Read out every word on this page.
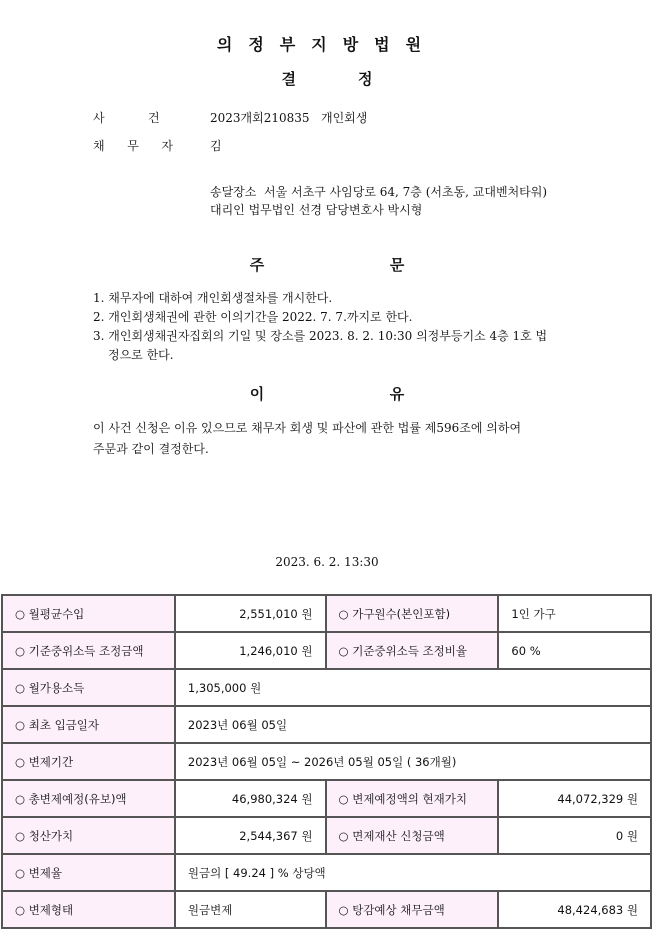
의정부지방법원
결정
사	건	2023개회210835   개인회생
채 무 자	김
송달장소  서울 서초구 사임당로 64, 7층 (서초동, 교대벤처타워)
대리인 법무법인 선경 담당변호사 박시형
주	문
1. 채무자에 대하여 개인회생절차를 개시한다.
2. 개인회생채권에 관한 이의기간을 2022. 7. 7.까지로 한다.
3. 개인회생채권자집회의 기일 및 장소를 2023. 8. 2. 10:30 의정부등기소 4층 1호 법
정으로 한다.
이	유
이 사건 신청은 이유 있으므로 채무자 회생 및 파산에 관한 법률 제596조에 의하여
주문과 같이 결정한다.
2023. 6. 2. 13:30
○ 월평균수입	2,551,010 원	○ 가구원수(본인포함)	1인 가구
○ 기준중위소득 조정금액	1,246,010 원	○ 기준중위소득 조정비율	60 %
○ 월가용소득	1,305,000 원		
○ 최초 입금일자	2023년 06월 05일		
○ 변제기간	2023년 06월 05일 ~ 2026년 05월 05일 ( 36개월)		
○ 총변제예정(유보)액	46,980,324 원	○ 변제예정액의 현재가치	44,072,329 원
○ 청산가치	2,544,367 원	○ 면제재산 신청금액	0 원
○ 변제율	원금의 [ 49.24 ] % 상당액		
○ 변제형태	원금변제	○ 탕감예상 채무금액	48,424,683 원
